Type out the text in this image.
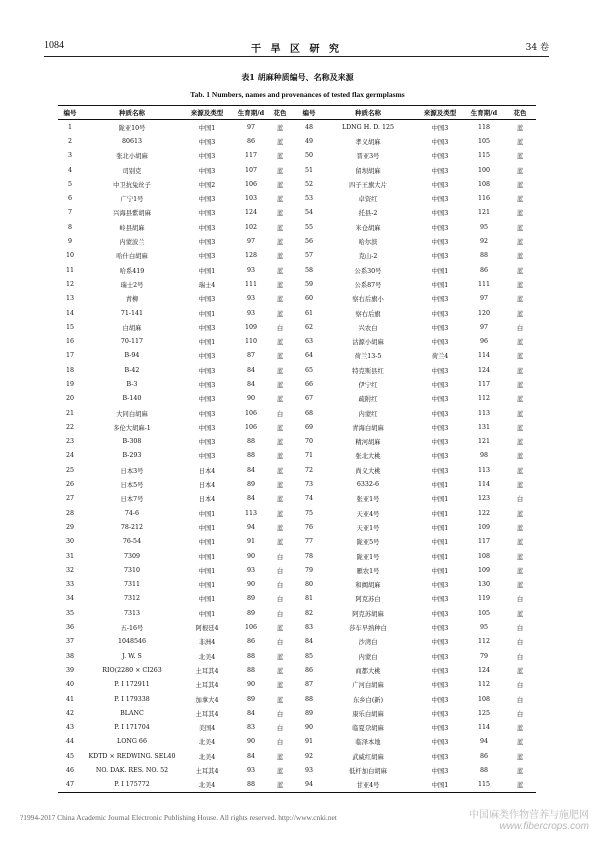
1084	干 旱 区 研 究	34 卷
表1 胡麻种质编号、名称及来源
Tab. 1 Numbers, names and provenances of tested flax germplasms
编号	种质名称	来源及类型	生育期/d	花色		编号	种质名称	来源及类型	生育期/d	花色
1	陇亚10号	中国1	97	蓝		48	LDNG H. D. 125	中国3	118	蓝
2	80613	中国3	86	蓝		49	孝义胡麻	中国3	105	蓝
3	张北小胡麻	中国3	117	蓝		50	晋亚3号	中国3	115	蓝
4	司别克	中国3	107	蓝		51	留坝胡麻	中国3	100	蓝
5	中卫抗兔丝子	中国2	106	蓝		52	四子王旗大片	中国3	108	蓝
6	广宁1号	中国3	103	蓝		53	卓资红	中国3	116	蓝
7	兴海县紫胡麻	中国3	124	蓝		54	托县-2	中国3	121	蓝
8	岭县胡麻	中国3	102	蓝		55	米仓胡麻	中国3	95	蓝
9	内蒙波兰	中国3	97	蓝		56	哈尔滨	中国3	92	蓝
10	哈什白胡麻	中国3	128	蓝		57	克山-2	中国3	88	蓝
11	哈系419	中国1	93	蓝		58	公系30号	中国1	86	蓝
12	瑞士2号	瑞士4	111	蓝		59	公系87号	中国1	111	蓝
13	青柳	中国3	93	蓝		60	察右后旗小	中国3	97	蓝
14	71-141	中国1	93	蓝		61	察右后旗	中国3	120	蓝
15	白胡麻	中国3	109	白		62	兴农白	中国3	97	白
16	70-117	中国1	110	蓝		63	沽源小胡麻	中国3	96	蓝
17	B-94	中国3	87	蓝		64	荷兰13-5	荷兰4	114	蓝
18	B-42	中国3	84	蓝		65	特克斯县红	中国3	124	蓝
19	B-3	中国3	84	蓝		66	伊宁红	中国3	117	蓝
20	B-140	中国3	90	蓝		67	疏附红	中国3	112	蓝
21	大同白胡麻	中国3	106	白		68	内蒙红	中国3	113	蓝
22	多伦大胡麻-1	中国3	106	蓝		69	青海白胡麻	中国3	131	蓝
23	B-308	中国3	88	蓝		70	精河胡麻	中国3	121	蓝
24	B-293	中国3	88	蓝		71	张北大桃	中国3	98	蓝
25	日本3号	日本4	84	蓝		72	尚义大桃	中国3	113	蓝
26	日本5号	日本4	89	蓝		73	6332-6	中国1	114	蓝
27	日本7号	日本4	84	蓝		74	张亚1号	中国1	123	白
28	74-6	中国1	113	蓝		75	天亚4号	中国1	122	蓝
29	78-212	中国1	94	蓝		76	天亚1号	中国1	109	蓝
30	76-54	中国1	91	蓝		77	陇亚5号	中国1	117	蓝
31	7309	中国1	90	白		78	陇亚1号	中国1	108	蓝
32	7310	中国1	93	白		79	雁农1号	中国1	109	蓝
33	7311	中国1	90	白		80	和阗胡麻	中国3	130	蓝
34	7312	中国1	89	白		81	阿克苏白	中国3	119	白
35	7313	中国1	89	白		82	阿克苏胡麻	中国3	105	蓝
36	五-16号	阿根廷4	106	蓝		83	莎车早熟种白	中国3	95	白
37	1048546	非洲4	86	白		84	沙湾白	中国3	112	白
38	J. W. S	北美4	88	蓝		85	内蒙白	中国3	79	白
39	RIO(2280 × CI263	土耳其4	88	蓝		86	商都大桃	中国3	124	蓝
40	P. I 172911	土耳其4	90	蓝		87	广河白胡麻	中国3	112	白
41	P. I 179338	加拿大4	89	蓝		88	东乡白(新)	中国3	108	白
42	BLANC	土耳其4	84	白		89	康乐白胡麻	中国3	125	白
43	P. I 171704	美国4	83	白		90	临夏尕胡麻	中国3	114	蓝
44	LONG 66	北美4	90	白		91	临泽本地	中国3	94	蓝
45	KDTD × REDWING. SEL40	北美4	84	蓝		92	武威红胡麻	中国3	86	蓝
46	NO. DAK. RES. NO. 52	土耳其4	93	蓝		93	低杆加白胡麻	中国3	88	蓝
47	P. I 175772	北美4	88	蓝		94	甘亚4号	中国1	115	蓝
?1994-2017 China Academic Journal Electronic Publishing House. All rights reserved. http://www.cnki.net	中国麻类作物营养与施肥网
www.fibercrops.com
